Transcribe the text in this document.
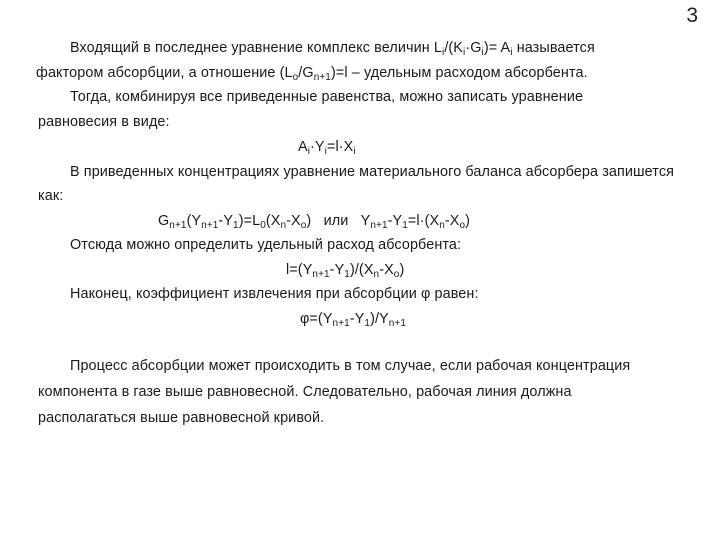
3

Входящий в последнее уравнение комплекс величин $L_i/(K_i\cdot G_i)= A_i$ называется

фактором абсорбции, а отношение $(L_o/G_{n+1})=l$ – удельным расходом абсорбента.

Тогда, комбинируя все приведенные равенства, можно записать уравнение равновесия в виде:

$A_i\cdot Y_i=l\cdot X_i$

В приведенных концентрациях уравнение материального баланса абсорбера запишется как:

$G_{n+1}(Y_{n+1}-Y_1)=L_0(X_n-X_o)$   или   $Y_{n+1}-Y_1=l\cdot(X_n-X_o)$

Отсюда можно определить удельный расход абсорбента:

$l=(Y_{n+1}-Y_1)/(X_n-X_o)$

Наконец, коэффициент извлечения при абсорбции φ равен:

$\varphi=(Y_{n+1}-Y_1)/Y_{n+1}$

Процесс абсорбции может происходить в том случае, если рабочая концентрация компонента в газе выше равновесной. Следовательно, рабочая линия должна располагаться выше равновесной кривой.
